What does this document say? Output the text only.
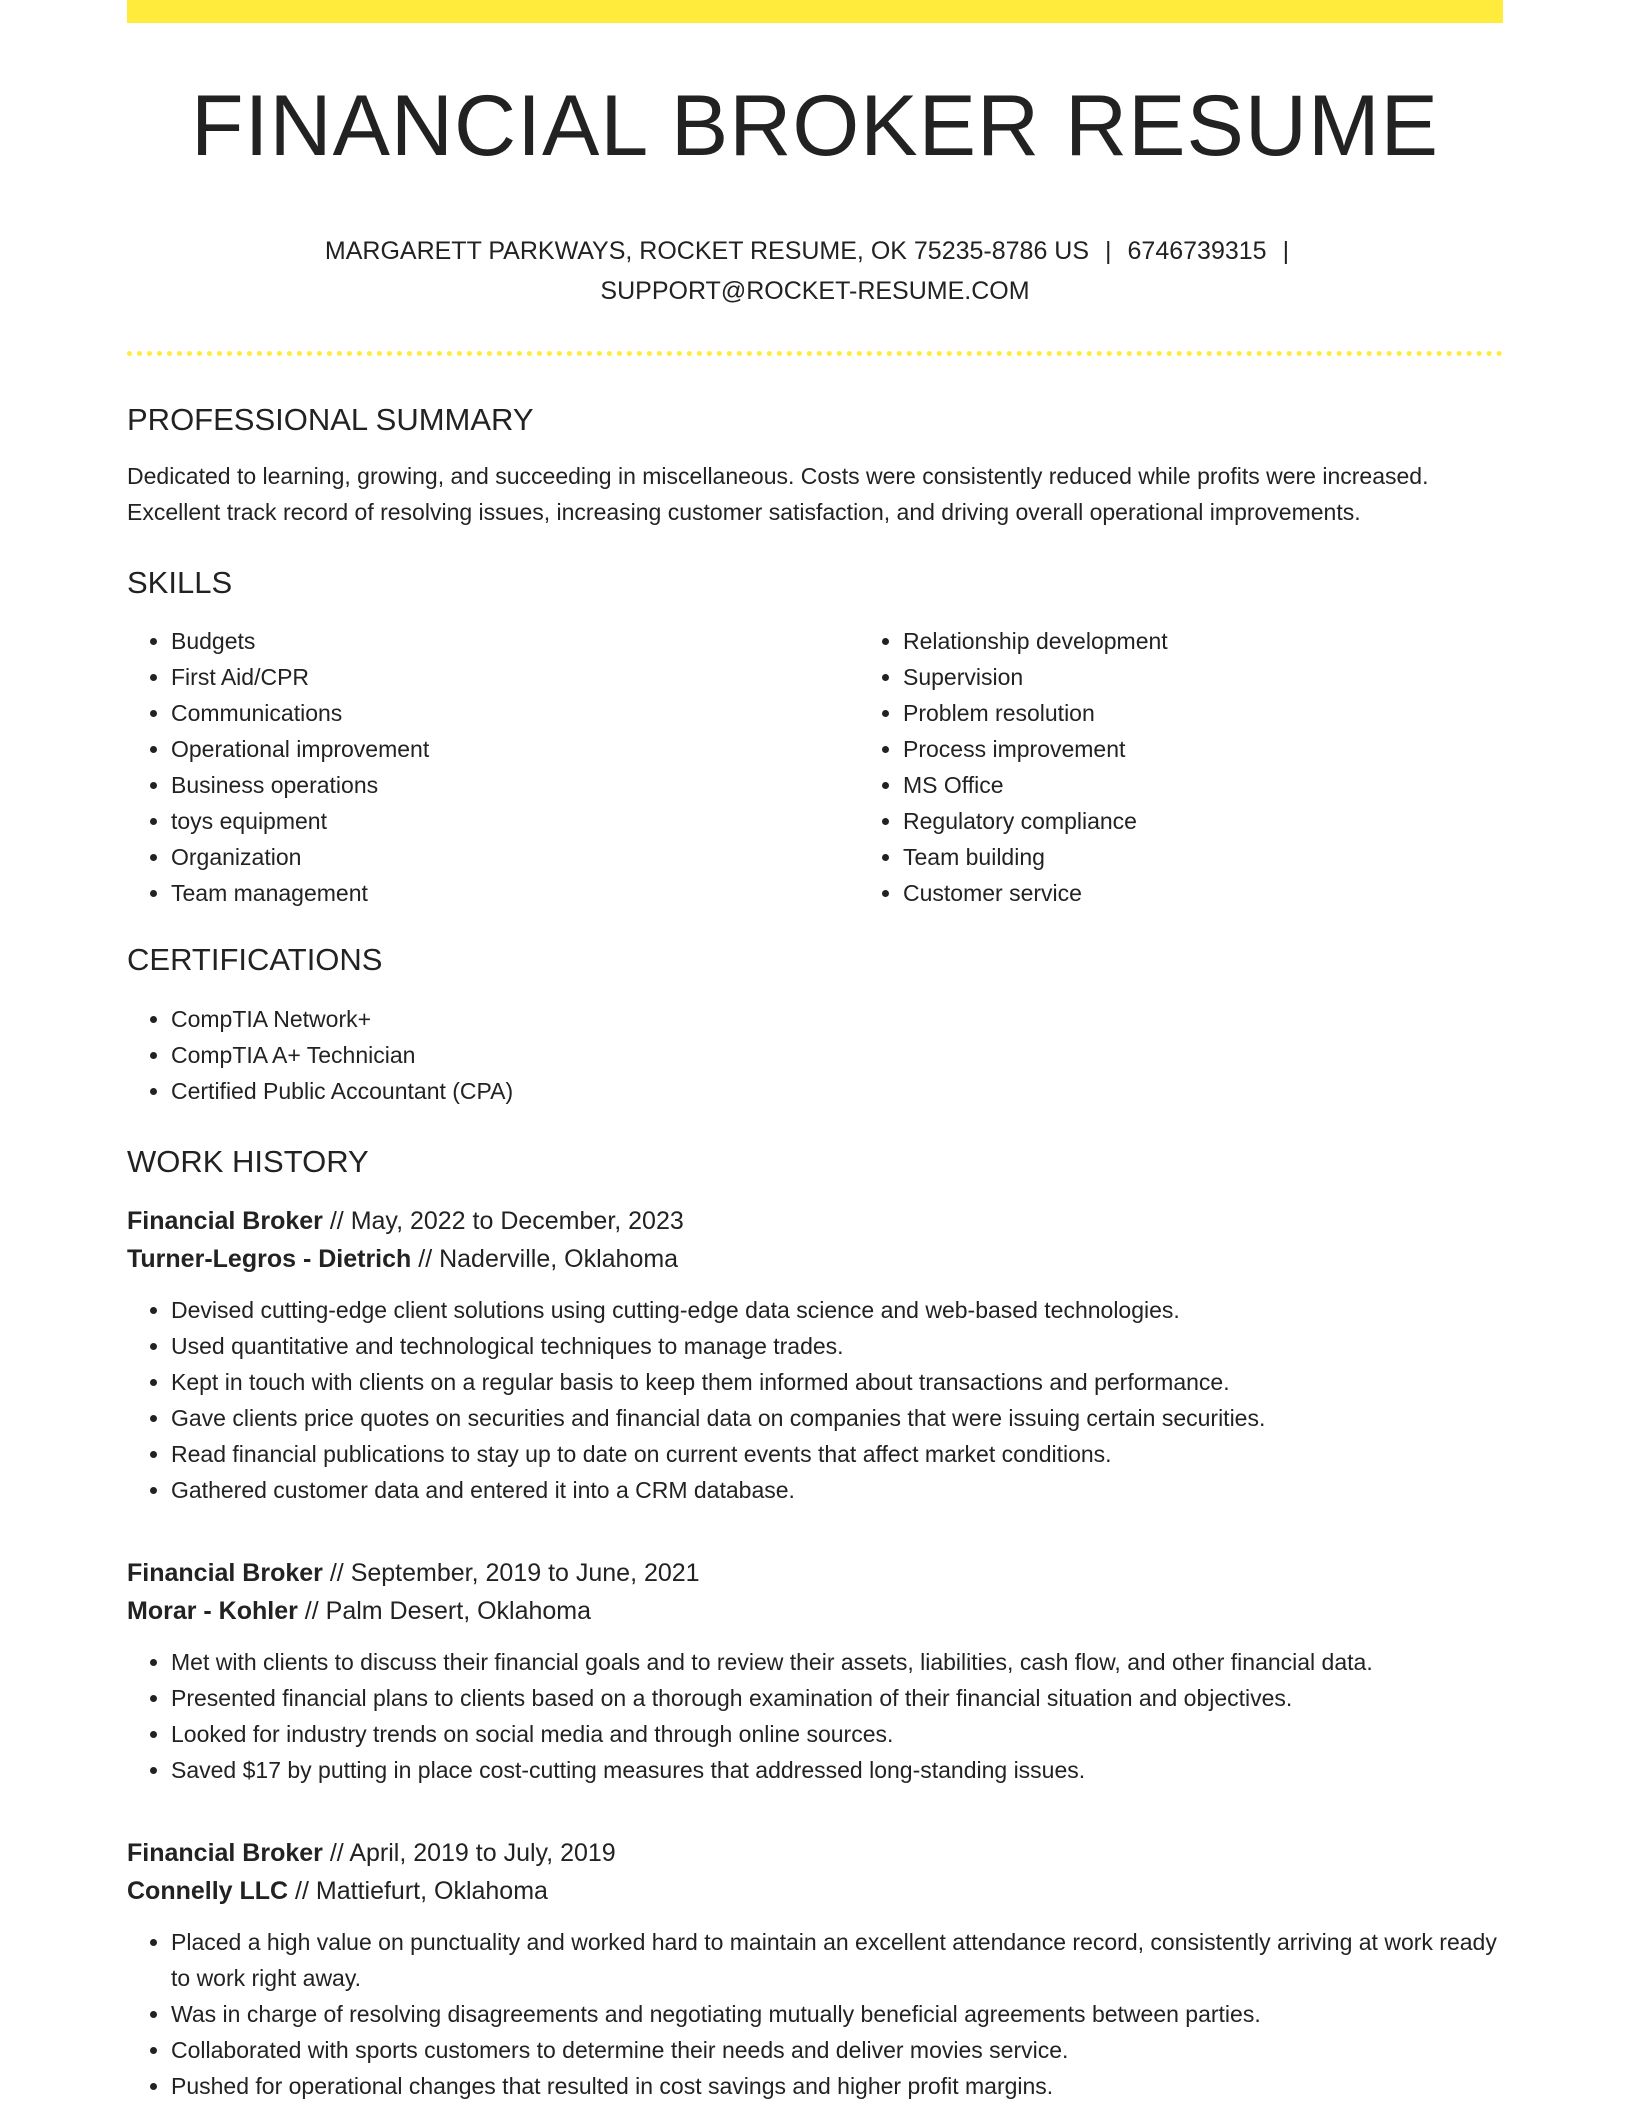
FINANCIAL BROKER RESUME
MARGARETT PARKWAYS, ROCKET RESUME, OK 75235-8786 US | 6746739315 |
SUPPORT@ROCKET-RESUME.COM
PROFESSIONAL SUMMARY
Dedicated to learning, growing, and succeeding in miscellaneous. Costs were consistently reduced while profits were increased. Excellent track record of resolving issues, increasing customer satisfaction, and driving overall operational improvements.
SKILLS
• Budgets
• First Aid/CPR
• Communications
• Operational improvement
• Business operations
• toys equipment
• Organization
• Team management
• Relationship development
• Supervision
• Problem resolution
• Process improvement
• MS Office
• Regulatory compliance
• Team building
• Customer service
CERTIFICATIONS
• CompTIA Network+
• CompTIA A+ Technician
• Certified Public Accountant (CPA)
WORK HISTORY
Financial Broker // May, 2022 to December, 2023
Turner-Legros - Dietrich // Naderville, Oklahoma
• Devised cutting-edge client solutions using cutting-edge data science and web-based technologies.
• Used quantitative and technological techniques to manage trades.
• Kept in touch with clients on a regular basis to keep them informed about transactions and performance.
• Gave clients price quotes on securities and financial data on companies that were issuing certain securities.
• Read financial publications to stay up to date on current events that affect market conditions.
• Gathered customer data and entered it into a CRM database.
Financial Broker // September, 2019 to June, 2021
Morar - Kohler // Palm Desert, Oklahoma
• Met with clients to discuss their financial goals and to review their assets, liabilities, cash flow, and other financial data.
• Presented financial plans to clients based on a thorough examination of their financial situation and objectives.
• Looked for industry trends on social media and through online sources.
• Saved $17 by putting in place cost-cutting measures that addressed long-standing issues.
Financial Broker // April, 2019 to July, 2019
Connelly LLC // Mattiefurt, Oklahoma
• Placed a high value on punctuality and worked hard to maintain an excellent attendance record, consistently arriving at work ready to work right away.
• Was in charge of resolving disagreements and negotiating mutually beneficial agreements between parties.
• Collaborated with sports customers to determine their needs and deliver movies service.
• Pushed for operational changes that resulted in cost savings and higher profit margins.
